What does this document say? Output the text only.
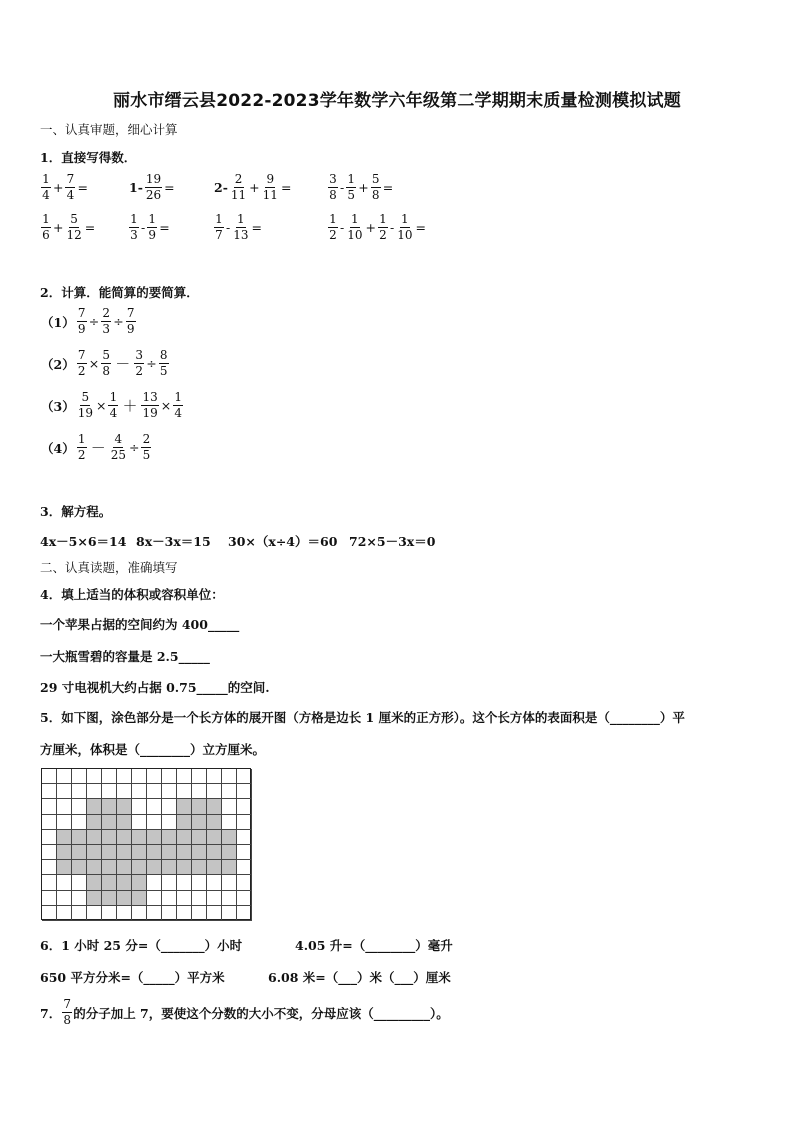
丽水市缙云县2022-2023学年数学六年级第二学期期末质量检测模拟试题
一、认真审题，细心计算
1．直接写得数．
$\frac{1}{4} + \frac{7}{4}$ =	$1- \frac{19}{26}$ =	$2- \frac{2}{11} + \frac{9}{11}$ =	$\frac{3}{8} - \frac{1}{5} + \frac{5}{8}$ =
$\frac{1}{6} + \frac{5}{12}$ =	$\frac{1}{3} - \frac{1}{9}$ =	$\frac{1}{7} - \frac{1}{13}$ =	$\frac{1}{2} - \frac{1}{10} + \frac{1}{2} - \frac{1}{10}$ =
2．计算．能简算的要简算．
$(1) \frac{7}{9} \div \frac{2}{3} \div \frac{7}{9}$
$(2) \frac{7}{2} \times \frac{5}{8} - \frac{3}{2} \div \frac{8}{5}$
$(3) \frac{5}{19} \times \frac{1}{4} + \frac{13}{19} \times \frac{1}{4}$
$(4) \frac{1}{2} - \frac{4}{25} \div \frac{2}{5}$
3．解方程。
4x－5×6＝14 8x－3x＝15 30×（x÷4）＝60 72×5－3x＝0
二、认真读题，准确填写
4．填上适当的体积或容积单位：
一个苹果占据的空间约为 400_____
一大瓶雪碧的容量是 2.5_____
29 寸电视机大约占据 0.75_____的空间.
5．如下图，涂色部分是一个长方体的展开图（方格是边长 1 厘米的正方形）。这个长方体的表面积是（________）平
方厘米，体积是（________）立方厘米。
6．1 小时 25 分=（_______）小时	4.05 升=（________）毫升
650 平方分米=（_____）平方米	6.08 米=（___）米（___）厘米
7． $\frac{7}{8}$ 的分子加上 7，要使这个分数的大小不变，分母应该（_________）。
